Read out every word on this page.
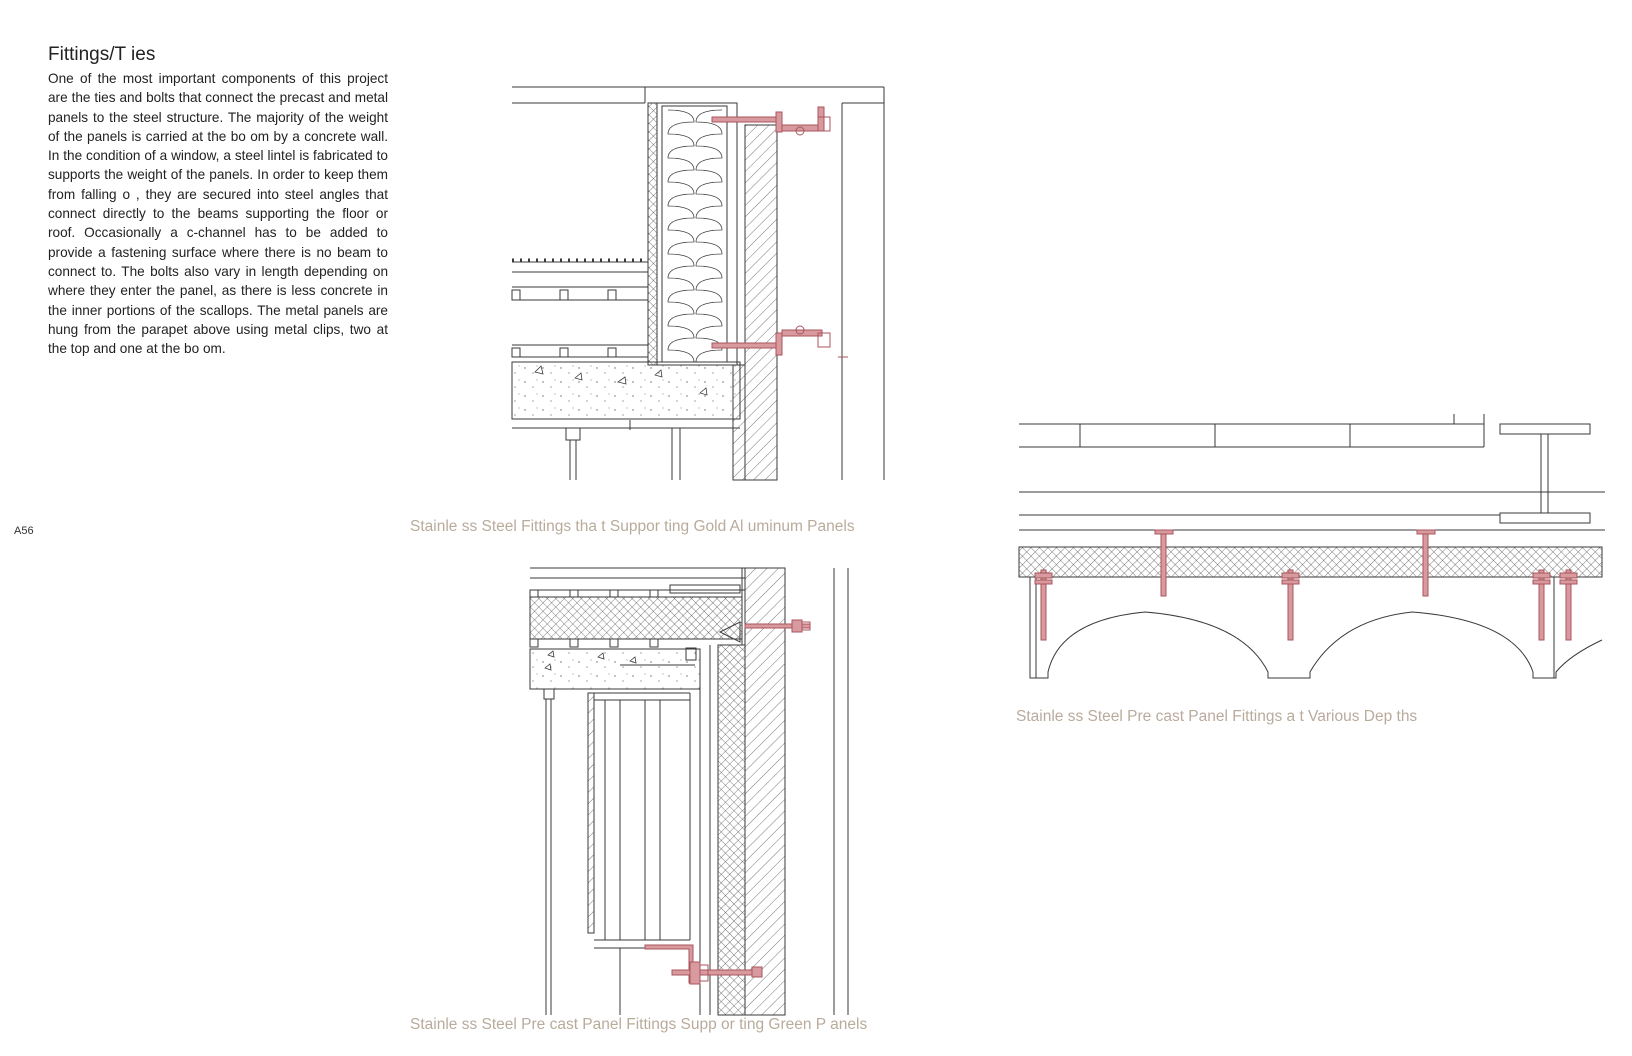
Fittings/T ies
One of the most important components of this project are the ties and bolts that connect the precast and metal panels to the steel structure. The majority of the weight of the panels is carried at the bo om by a concrete wall. In the condition of a window, a steel lintel is fabricated to supports the weight of the panels. In order to keep them from falling o , they are secured into steel angles that connect directly to the beams supporting the floor or roof. Occasionally a c-channel has to be added to provide a fastening surface where there is no beam to connect to. The bolts also vary in length depending on where they enter the panel, as there is less concrete in the inner portions of the scallops. The metal panels are hung from the parapet above using metal clips, two at the top and one at the bo om.
A56	Stainle ss Steel Fittings tha t Suppor ting Gold Al uminum Panels
Stainle ss Steel Pre cast Panel Fittings a t Various Dep ths
Stainle ss Steel Pre cast Panel Fittings Supp or ting Green P anels
